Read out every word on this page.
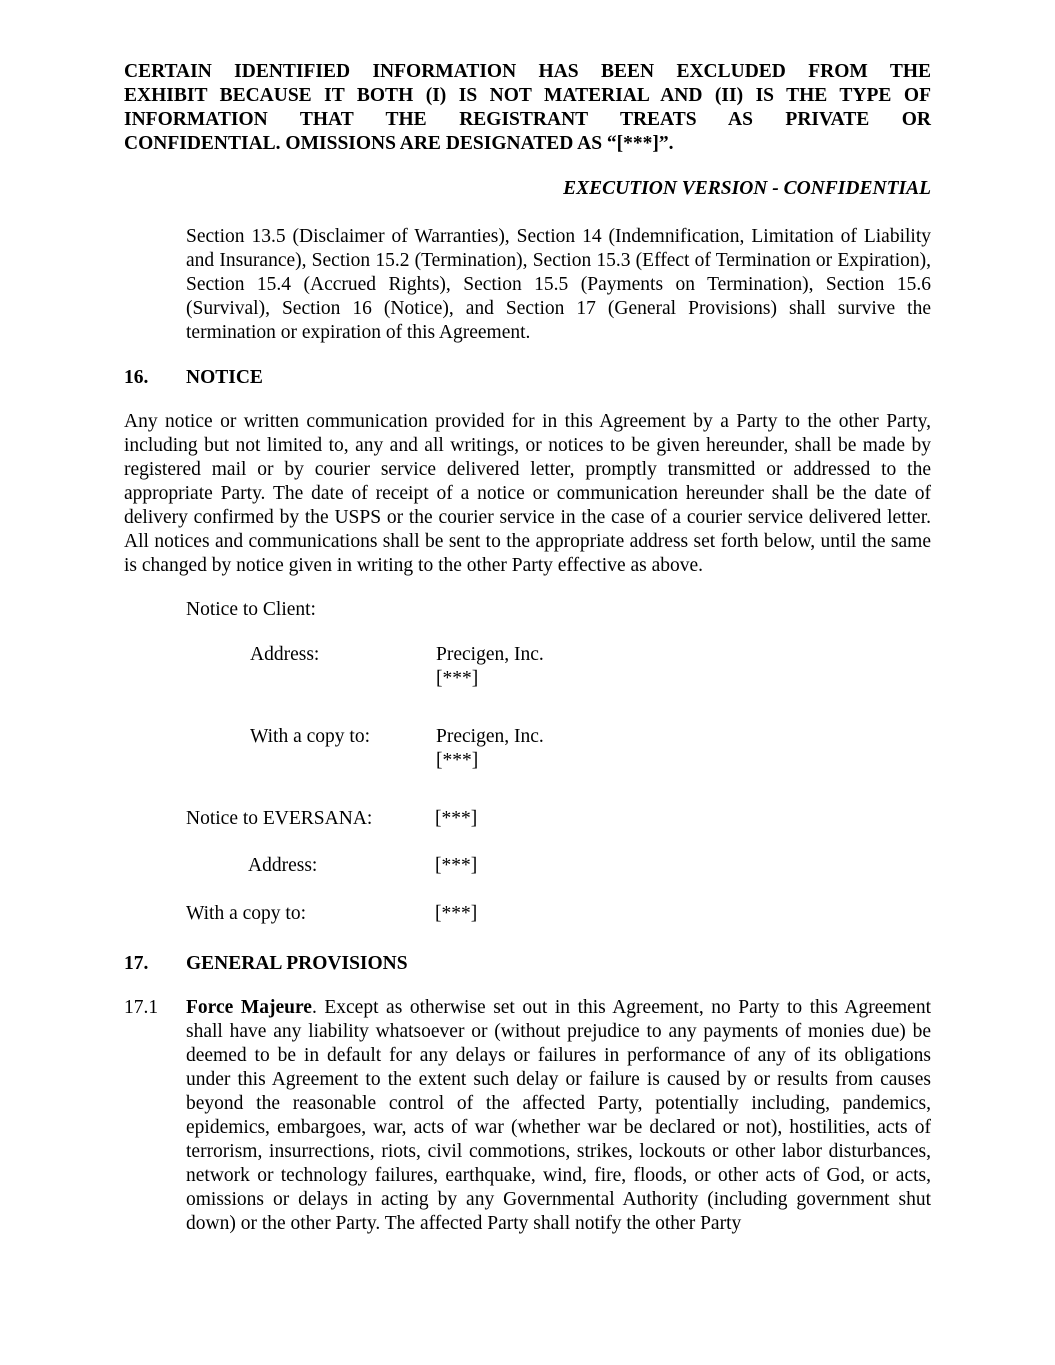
CERTAIN IDENTIFIED INFORMATION HAS BEEN EXCLUDED FROM THE
EXHIBIT BECAUSE IT BOTH (I) IS NOT MATERIAL AND (II) IS THE TYPE OF
INFORMATION THAT THE REGISTRANT TREATS AS PRIVATE OR
CONFIDENTIAL. OMISSIONS ARE DESIGNATED AS “[***]”.
EXECUTION VERSION - CONFIDENTIAL
Section 13.5 (Disclaimer of Warranties), Section 14 (Indemnification, Limitation of Liability and Insurance), Section 15.2 (Termination), Section 15.3 (Effect of Termination or Expiration), Section 15.4 (Accrued Rights), Section 15.5 (Payments on Termination), Section 15.6 (Survival), Section 16 (Notice), and Section 17 (General Provisions) shall survive the termination or expiration of this Agreement.
16.	NOTICE
Any notice or written communication provided for in this Agreement by a Party to the other Party, including but not limited to, any and all writings, or notices to be given hereunder, shall be made by registered mail or by courier service delivered letter, promptly transmitted or addressed to the appropriate Party. The date of receipt of a notice or communication hereunder shall be the date of delivery confirmed by the USPS or the courier service in the case of a courier service delivered letter. All notices and communications shall be sent to the appropriate address set forth below, until the same is changed by notice given in writing to the other Party effective as above.
Notice to Client:
Address:	Precigen, Inc.
[***]
With a copy to:	Precigen, Inc.
[***]
Notice to EVERSANA:	[***]
Address:	[***]
With a copy to:	[***]
17.	GENERAL PROVISIONS
17.1	Force Majeure. Except as otherwise set out in this Agreement, no Party to this Agreement shall have any liability whatsoever or (without prejudice to any payments of monies due) be deemed to be in default for any delays or failures in performance of any of its obligations under this Agreement to the extent such delay or failure is caused by or results from causes beyond the reasonable control of the affected Party, potentially including, pandemics, epidemics, embargoes, war, acts of war (whether war be declared or not), hostilities, acts of terrorism, insurrections, riots, civil commotions, strikes, lockouts or other labor disturbances, network or technology failures, earthquake, wind, fire, floods, or other acts of God, or acts, omissions or delays in acting by any Governmental Authority (including government shut down) or the other Party. The affected Party shall notify the other Party
